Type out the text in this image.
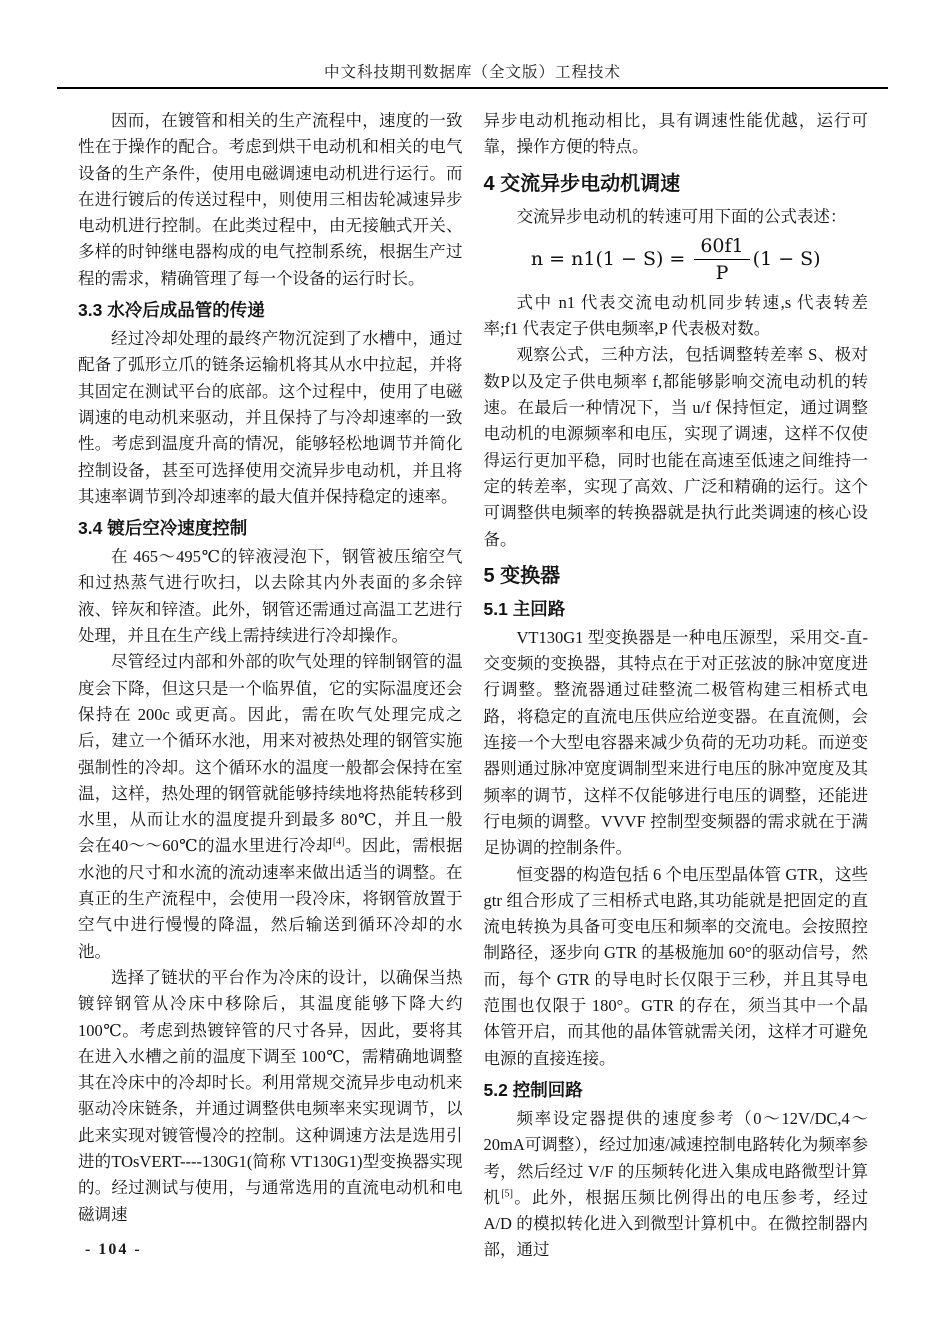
中文科技期刊数据库（全文版）工程技术

因而，在镀管和相关的生产流程中，速度的一致性在于操作的配合。考虑到烘干电动机和相关的电气设备的生产条件，使用电磁调速电动机进行运行。而在进行镀后的传送过程中，则使用三相齿轮减速异步电动机进行控制。在此类过程中，由无接触式开关、多样的时钟继电器构成的电气控制系统，根据生产过程的需求，精确管理了每一个设备的运行时长。

3.3 水冷后成品管的传递

经过冷却处理的最终产物沉淀到了水槽中，通过配备了弧形立爪的链条运输机将其从水中拉起，并将其固定在测试平台的底部。这个过程中，使用了电磁调速的电动机来驱动，并且保持了与冷却速率的一致性。考虑到温度升高的情况，能够轻松地调节并简化控制设备，甚至可选择使用交流异步电动机，并且将其速率调节到冷却速率的最大值并保持稳定的速率。

3.4 镀后空冷速度控制

在 465～495℃的锌液浸泡下，钢管被压缩空气和过热蒸气进行吹扫，以去除其内外表面的多余锌液、锌灰和锌渣。此外，钢管还需通过高温工艺进行处理，并且在生产线上需持续进行冷却操作。

尽管经过内部和外部的吹气处理的锌制钢管的温度会下降，但这只是一个临界值，它的实际温度还会保持在 200c 或更高。因此，需在吹气处理完成之后，建立一个循环水池，用来对被热处理的钢管实施强制性的冷却。这个循环水的温度一般都会保持在室温，这样，热处理的钢管就能够持续地将热能转移到水里，从而让水的温度提升到最多 80℃，并且一般会在40～～60℃的温水里进行冷却[4]。因此，需根据水池的尺寸和水流的流动速率来做出适当的调整。在真正的生产流程中，会使用一段冷床，将钢管放置于空气中进行慢慢的降温，然后输送到循环冷却的水池。

选择了链状的平台作为冷床的设计，以确保当热镀锌钢管从冷床中移除后，其温度能够下降大约 100℃。考虑到热镀锌管的尺寸各异，因此，要将其在进入水槽之前的温度下调至 100℃，需精确地调整其在冷床中的冷却时长。利用常规交流异步电动机来驱动冷床链条，并通过调整供电频率来实现调节，以此来实现对镀管慢冷的控制。这种调速方法是选用引进的TOsVERT----130G1(简称 VT130G1)型变换器实现的。经过测试与使用，与通常选用的直流电动机和电磁调速

异步电动机拖动相比，具有调速性能优越，运行可靠，操作方便的特点。

4 交流异步电动机调速

交流异步电动机的转速可用下面的公式表述：

$n = n1(1 - S) = \frac{60f1}{P} (1 - S)$

式中 n1 代表交流电动机同步转速,s 代表转差率;f1 代表定子供电频率,P 代表极对数。

观察公式，三种方法，包括调整转差率 S、极对数P以及定子供电频率 f,都能够影响交流电动机的转速。在最后一种情况下，当 u/f 保持恒定，通过调整电动机的电源频率和电压，实现了调速，这样不仅使得运行更加平稳，同时也能在高速至低速之间维持一定的转差率，实现了高效、广泛和精确的运行。这个可调整供电频率的转换器就是执行此类调速的核心设备。

5 变换器
5.1 主回路

VT130G1 型变换器是一种电压源型，采用交-直-交变频的变换器，其特点在于对正弦波的脉冲宽度进行调整。整流器通过硅整流二极管构建三相桥式电路，将稳定的直流电压供应给逆变器。在直流侧，会连接一个大型电容器来减少负荷的无功功耗。而逆变器则通过脉冲宽度调制型来进行电压的脉冲宽度及其频率的调节，这样不仅能够进行电压的调整，还能进行电频的调整。VVVF 控制型变频器的需求就在于满足协调的控制条件。

恒变器的构造包括 6 个电压型晶体管 GTR，这些gtr 组合形成了三相桥式电路,其功能就是把固定的直流电转换为具备可变电压和频率的交流电。会按照控制路径，逐步向 GTR 的基极施加 60°的驱动信号，然而，每个 GTR 的导电时长仅限于三秒，并且其导电范围也仅限于 180°。GTR 的存在，须当其中一个晶体管开启，而其他的晶体管就需关闭，这样才可避免电源的直接连接。

5.2 控制回路

频率设定器提供的速度参考（0～12V/DC,4～20mA可调整），经过加速/减速控制电路转化为频率参考，然后经过 V/F 的压频转化进入集成电路微型计算机[5]。此外，根据压频比例得出的电压参考，经过 A/D 的模拟转化进入到微型计算机中。在微控制器内部，通过

- 104 -
